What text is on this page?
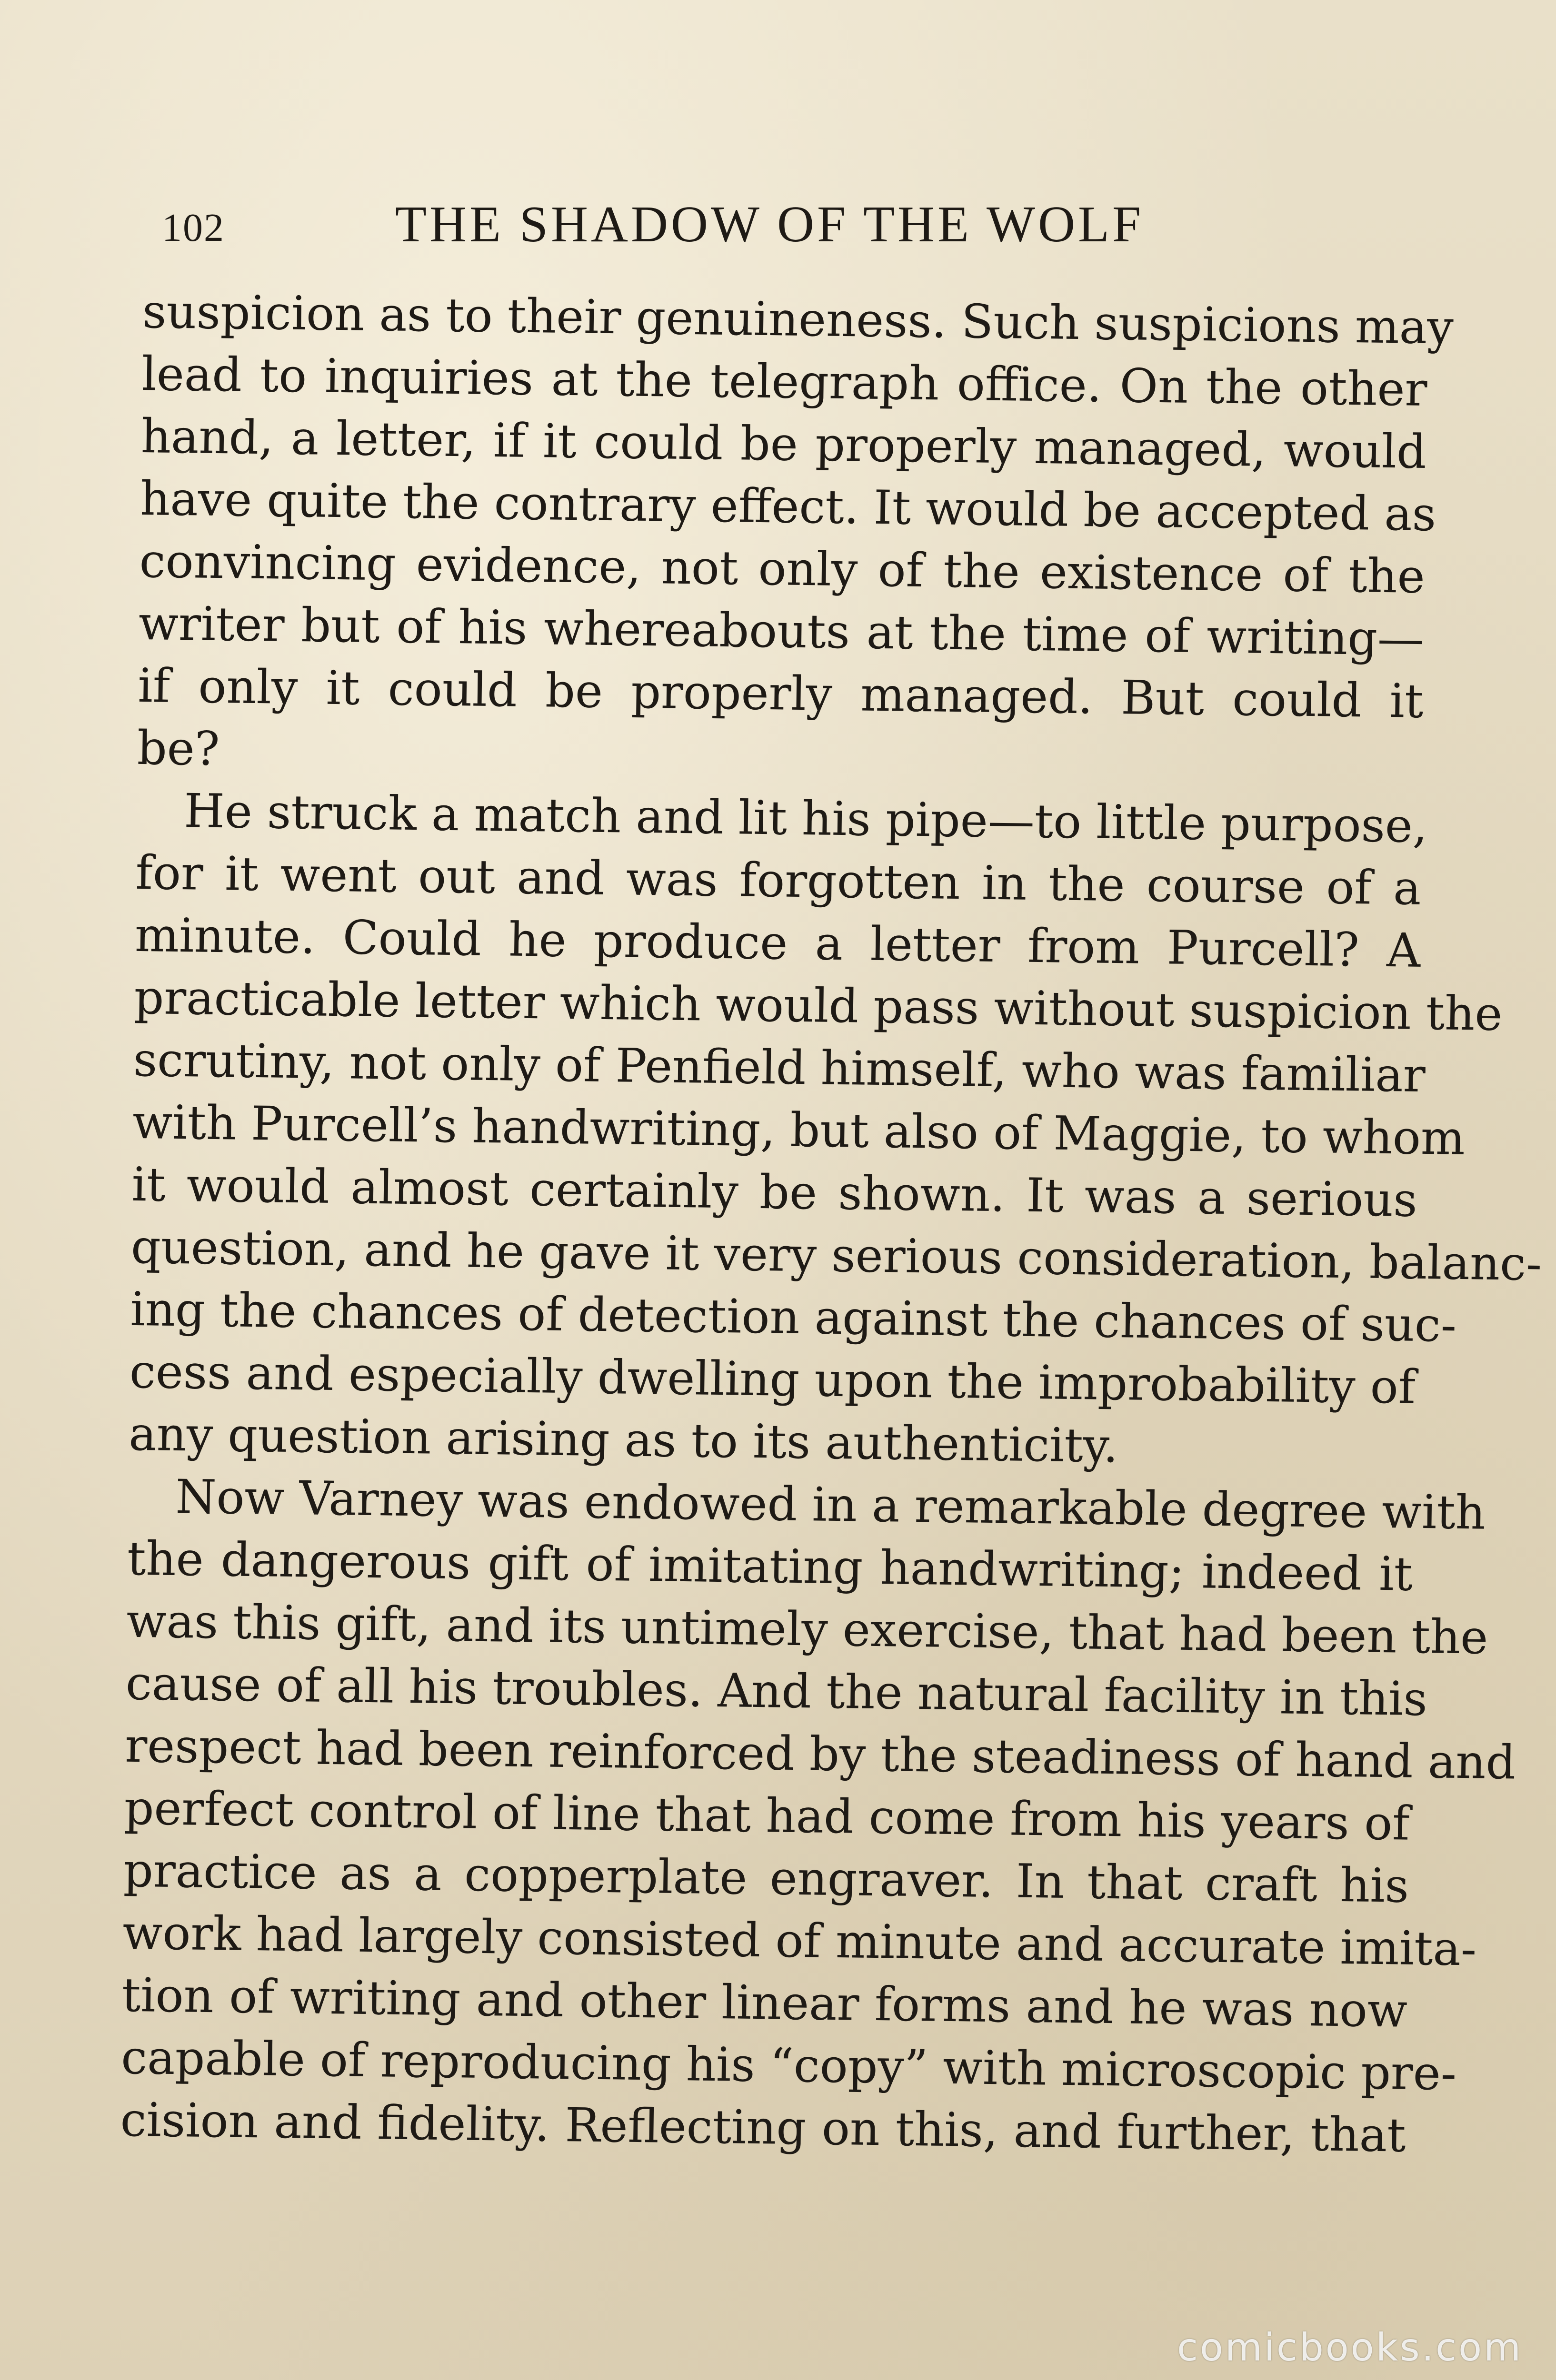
102	THE SHADOW OF THE WOLF
suspicion as to their genuineness. Such suspicions may
lead to inquiries at the telegraph office. On the other
hand, a letter, if it could be properly managed, would
have quite the contrary effect. It would be accepted as
convincing evidence, not only of the existence of the
writer but of his whereabouts at the time of writing—
if only it could be properly managed. But could it
be?
He struck a match and lit his pipe—to little purpose,
for it went out and was forgotten in the course of a
minute. Could he produce a letter from Purcell? A
practicable letter which would pass without suspicion the
scrutiny, not only of Penfield himself, who was familiar
with Purcell’s handwriting, but also of Maggie, to whom
it would almost certainly be shown. It was a serious
question, and he gave it very serious consideration, balanc-
ing the chances of detection against the chances of suc-
cess and especially dwelling upon the improbability of
any question arising as to its authenticity.
Now Varney was endowed in a remarkable degree with
the dangerous gift of imitating handwriting; indeed it
was this gift, and its untimely exercise, that had been the
cause of all his troubles. And the natural facility in this
respect had been reinforced by the steadiness of hand and
perfect control of line that had come from his years of
practice as a copperplate engraver. In that craft his
work had largely consisted of minute and accurate imita-
tion of writing and other linear forms and he was now
capable of reproducing his “copy” with microscopic pre-
cision and fidelity. Reflecting on this, and further, that
comicbooks.com
